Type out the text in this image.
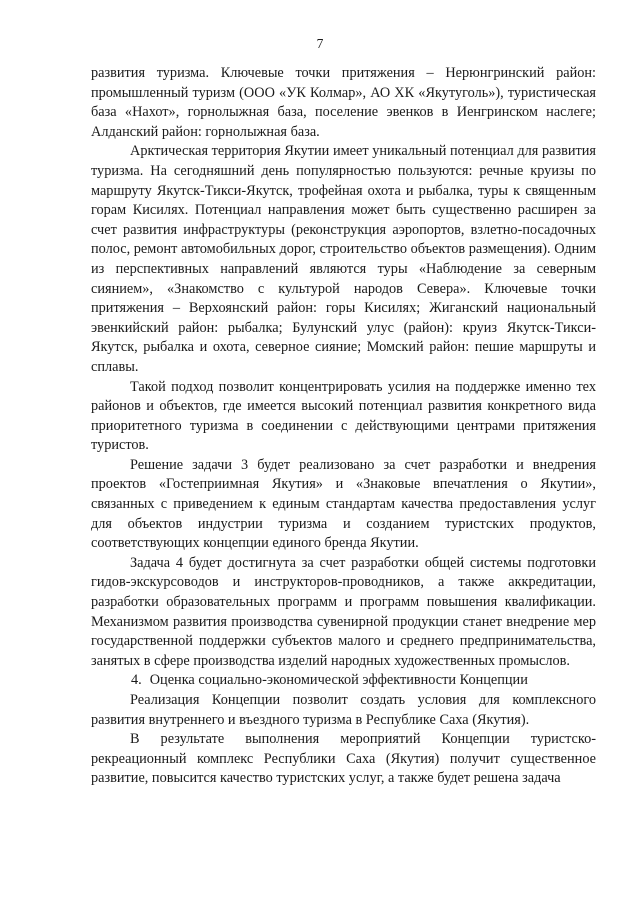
7

развития туризма. Ключевые точки притяжения – Нерюнгринский район: промышленный туризм (ООО «УК Колмар», АО ХК «Якутуголь»), туристическая база «Нахот», горнолыжная база, поселение эвенков в Иенгринском наслеге; Алданский район: горнолыжная база.

Арктическая территория Якутии имеет уникальный потенциал для развития туризма. На сегодняшний день популярностью пользуются: речные круизы по маршруту Якутск-Тикси-Якутск, трофейная охота и рыбалка, туры к священным горам Кисилях. Потенциал направления может быть существенно расширен за счет развития инфраструктуры (реконструкция аэропортов, взлетно-посадочных полос, ремонт автомобильных дорог, строительство объектов размещения). Одним из перспективных направлений являются туры «Наблюдение за северным сиянием», «Знакомство с культурой народов Севера». Ключевые точки притяжения – Верхоянский район: горы Кисилях; Жиганский национальный эвенкийский район: рыбалка; Булунский улус (район): круиз Якутск-Тикси-Якутск, рыбалка и охота, северное сияние; Момский район: пешие маршруты и сплавы.

Такой подход позволит концентрировать усилия на поддержке именно тех районов и объектов, где имеется высокий потенциал развития конкретного вида приоритетного туризма в соединении с действующими центрами притяжения туристов.

Решение задачи 3 будет реализовано за счет разработки и внедрения проектов «Гостеприимная Якутия» и «Знаковые впечатления о Якутии», связанных с приведением к единым стандартам качества предоставления услуг для объектов индустрии туризма и созданием туристских продуктов, соответствующих концепции единого бренда Якутии.

Задача 4 будет достигнута за счет разработки общей системы подготовки гидов-экскурсоводов и инструкторов-проводников, а также аккредитации, разработки образовательных программ и программ повышения квалификации. Механизмом развития производства сувенирной продукции станет внедрение мер государственной поддержки субъектов малого и среднего предпринимательства, занятых в сфере производства изделий народных художественных промыслов.

4. Оценка социально-экономической эффективности Концепции

Реализация Концепции позволит создать условия для комплексного развития внутреннего и въездного туризма в Республике Саха (Якутия).

В результате выполнения мероприятий Концепции туристско-рекреационный комплекс Республики Саха (Якутия) получит существенное развитие, повысится качество туристских услуг, а также будет решена задача
